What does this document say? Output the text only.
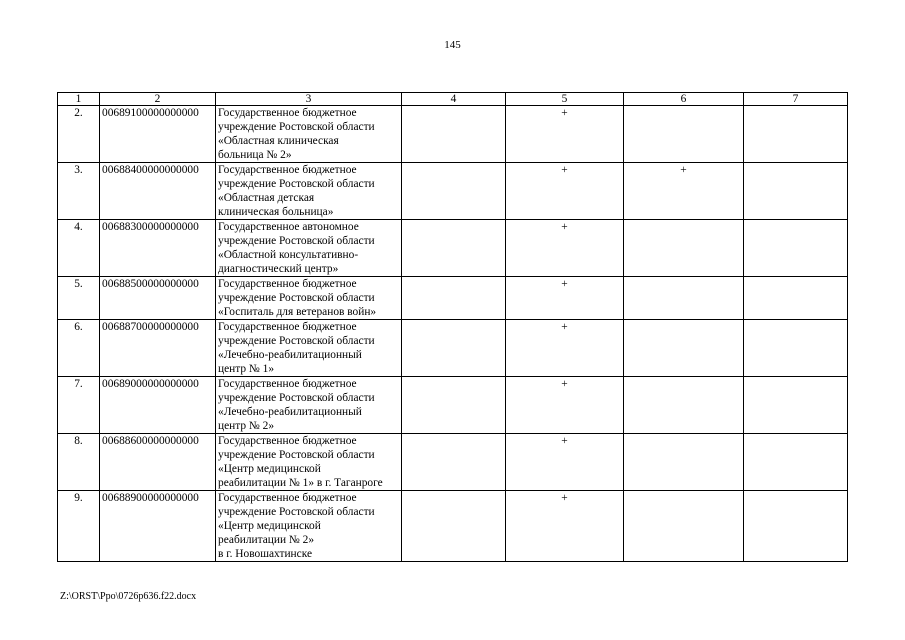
145
1	2	3	4	5	6	7
2.	00689100000000000	Государственное бюджетное
учреждение Ростовской области
«Областная клиническая
больница № 2»		+		
3.	00688400000000000	Государственное бюджетное
учреждение Ростовской области
«Областная детская
клиническая больница»		+	+	
4.	00688300000000000	Государственное автономное
учреждение Ростовской области
«Областной консультативно-
диагностический центр»		+		
5.	00688500000000000	Государственное бюджетное
учреждение Ростовской области
«Госпиталь для ветеранов войн»		+		
6.	00688700000000000	Государственное бюджетное
учреждение Ростовской области
«Лечебно-реабилитационный
центр № 1»		+		
7.	00689000000000000	Государственное бюджетное
учреждение Ростовской области
«Лечебно-реабилитационный
центр № 2»		+		
8.	00688600000000000	Государственное бюджетное
учреждение Ростовской области
«Центр медицинской
реабилитации № 1» в г. Таганроге		+		
9.	00688900000000000	Государственное бюджетное
учреждение Ростовской области
«Центр медицинской
реабилитации № 2»
в г. Новошахтинске		+		
Z:\ORST\Ppo\0726p636.f22.docx
